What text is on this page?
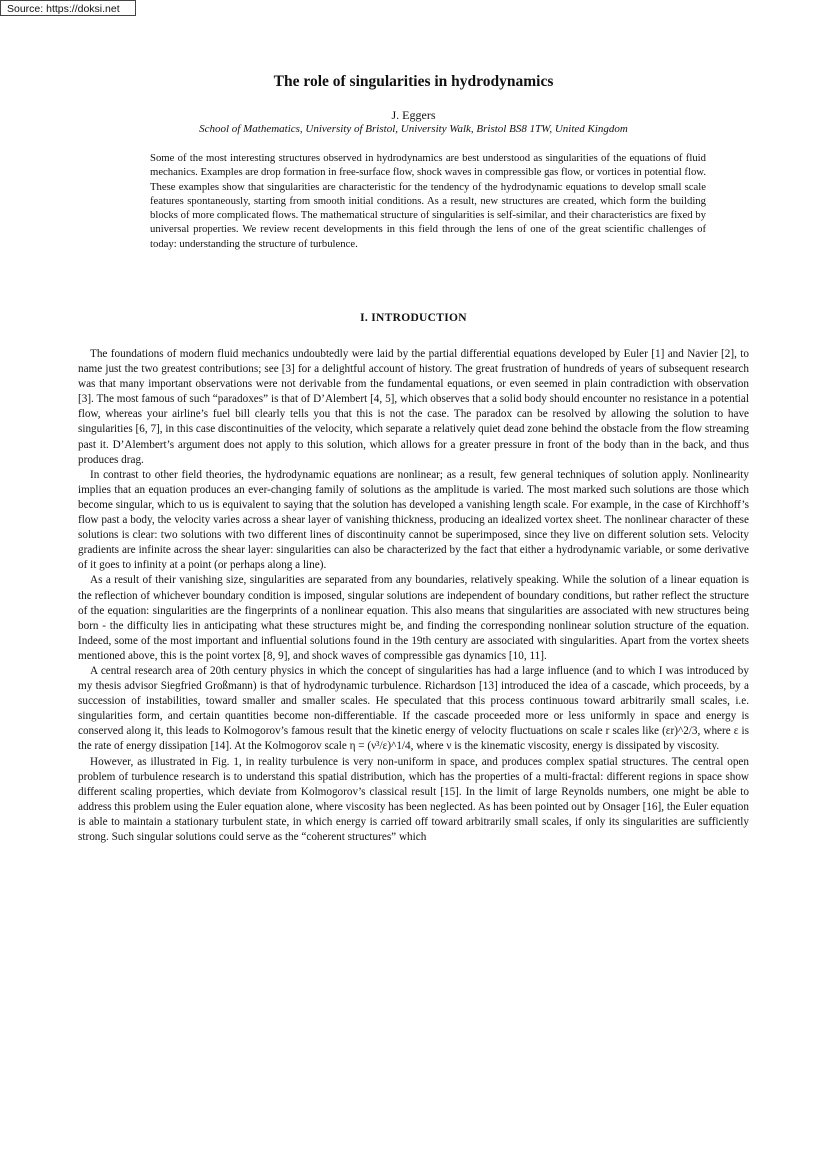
Source: https://doksi.net
The role of singularities in hydrodynamics
J. Eggers
School of Mathematics, University of Bristol, University Walk, Bristol BS8 1TW, United Kingdom

Some of the most interesting structures observed in hydrodynamics are best understood as singularities of the equations of fluid mechanics. Examples are drop formation in free-surface flow, shock waves in compressible gas flow, or vortices in potential flow. These examples show that singularities are characteristic for the tendency of the hydrodynamic equations to develop small scale features spontaneously, starting from smooth initial conditions. As a result, new structures are created, which form the building blocks of more complicated flows. The mathematical structure of singularities is self-similar, and their characteristics are fixed by universal properties. We review recent developments in this field through the lens of one of the great scientific challenges of today: understanding the structure of turbulence.

I. INTRODUCTION

The foundations of modern fluid mechanics undoubtedly were laid by the partial differential equations developed by Euler [1] and Navier [2], to name just the two greatest contributions; see [3] for a delightful account of history. The great frustration of hundreds of years of subsequent research was that many important observations were not derivable from the fundamental equations, or even seemed in plain contradiction with observation [3]. The most famous of such “paradoxes” is that of D’Alembert [4, 5], which observes that a solid body should encounter no resistance in a potential flow, whereas your airline’s fuel bill clearly tells you that this is not the case. The paradox can be resolved by allowing the solution to have singularities [6, 7], in this case discontinuities of the velocity, which separate a relatively quiet dead zone behind the obstacle from the flow streaming past it. D’Alembert’s argument does not apply to this solution, which allows for a greater pressure in front of the body than in the back, and thus produces drag.

In contrast to other field theories, the hydrodynamic equations are nonlinear; as a result, few general techniques of solution apply. Nonlinearity implies that an equation produces an ever-changing family of solutions as the amplitude is varied. The most marked such solutions are those which become singular, which to us is equivalent to saying that the solution has developed a vanishing length scale. For example, in the case of Kirchhoff’s flow past a body, the velocity varies across a shear layer of vanishing thickness, producing an idealized vortex sheet. The nonlinear character of these solutions is clear: two solutions with two different lines of discontinuity cannot be superimposed, since they live on different solution sets. Velocity gradients are infinite across the shear layer: singularities can also be characterized by the fact that either a hydrodynamic variable, or some derivative of it goes to infinity at a point (or perhaps along a line).

As a result of their vanishing size, singularities are separated from any boundaries, relatively speaking. While the solution of a linear equation is the reflection of whichever boundary condition is imposed, singular solutions are independent of boundary conditions, but rather reflect the structure of the equation: singularities are the fingerprints of a nonlinear equation. This also means that singularities are associated with new structures being born - the difficulty lies in anticipating what these structures might be, and finding the corresponding nonlinear solution structure of the equation. Indeed, some of the most important and influential solutions found in the 19th century are associated with singularities. Apart from the vortex sheets mentioned above, this is the point vortex [8, 9], and shock waves of compressible gas dynamics [10, 11].

A central research area of 20th century physics in which the concept of singularities has had a large influence (and to which I was introduced by my thesis advisor Siegfried Großmann) is that of hydrodynamic turbulence. Richardson [13] introduced the idea of a cascade, which proceeds, by a succession of instabilities, toward smaller and smaller scales. He speculated that this process continuous toward arbitrarily small scales, i.e. singularities form, and certain quantities become non-differentiable. If the cascade proceeded more or less uniformly in space and energy is conserved along it, this leads to Kolmogorov’s famous result that the kinetic energy of velocity fluctuations on scale r scales like (εr)^2/3, where ε is the rate of energy dissipation [14]. At the Kolmogorov scale η = (ν³/ε)^1/4, where ν is the kinematic viscosity, energy is dissipated by viscosity.

However, as illustrated in Fig. 1, in reality turbulence is very non-uniform in space, and produces complex spatial structures. The central open problem of turbulence research is to understand this spatial distribution, which has the properties of a multi-fractal: different regions in space show different scaling properties, which deviate from Kolmogorov’s classical result [15]. In the limit of large Reynolds numbers, one might be able to address this problem using the Euler equation alone, where viscosity has been neglected. As has been pointed out by Onsager [16], the Euler equation is able to maintain a stationary turbulent state, in which energy is carried off toward arbitrarily small scales, if only its singularities are sufficiently strong. Such singular solutions could serve as the “coherent structures” which
